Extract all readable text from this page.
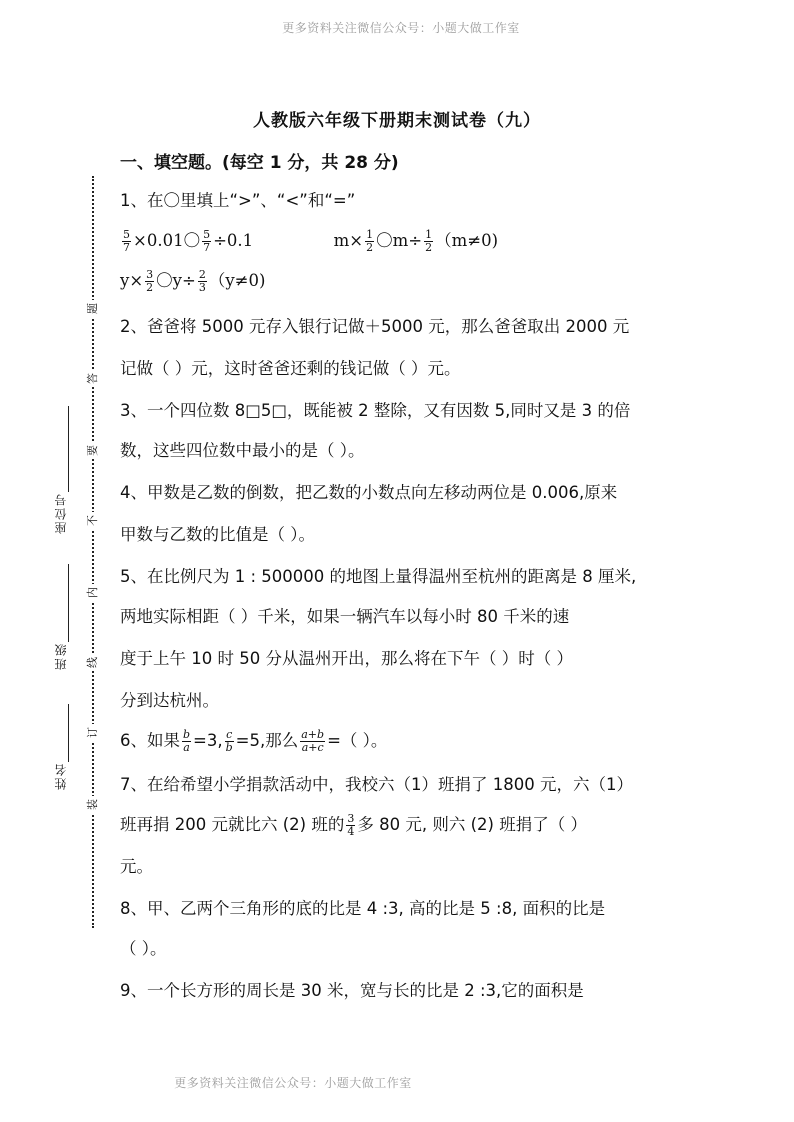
更多资料关注微信公众号：小题大做工作室
更多资料关注微信公众号：小题大做工作室
题
答
要
不
内
线
订
装
座位号
班级
姓名
人教版六年级下册期末测试卷（九）
一、填空题。(每空 1 分，共 28 分)
1、在〇里填上“>”、“<”和“=”
$\frac{5}{7} \times 0.01$〇 $\frac{5}{7} \div 0.1$	$m\times \frac{1}{2}$ 〇$m\div \frac{1}{2} (m\ne 0)$
$y\times \frac{3}{2}$ 〇$y\div \frac{2}{3} (y\ne 0)$
2、爸爸将 5000 元存入银行记做＋5000 元，那么爸爸取出 2000 元
记做（ ）元，这时爸爸还剩的钱记做（ ）元。
3、一个四位数 8□5□，既能被 2 整除，又有因数 5,同时又是 3 的倍
数，这些四位数中最小的是（ ）。
4、甲数是乙数的倒数，把乙数的小数点向左移动两位是 0.006,原来
甲数与乙数的比值是（ ）。
5、在比例尺为 1 : 500000 的地图上量得温州至杭州的距离是 8 厘米,
两地实际相距（ ）千米，如果一辆汽车以每小时 80 千米的速
度于上午 10 时 50 分从温州开出，那么将在下午（ ）时（ ）
分到达杭州。
6、如果 $\frac{b}{a} =3$, $\frac{c}{b} =5$,那么 $\frac{a+b}{a+c}$ =（ ）。
7、在给希望小学捐款活动中，我校六（1）班捐了 1800 元，六（1）
班再捐 200 元就比六 (2) 班的 $\frac{3}{4}$ 多 80 元, 则六 (2) 班捐了（ ）
元。
8、甲、乙两个三角形的底的比是 4 :3, 高的比是 5 :8, 面积的比是
（ ）。
9、一个长方形的周长是 30 米，宽与长的比是 2 :3,它的面积是
